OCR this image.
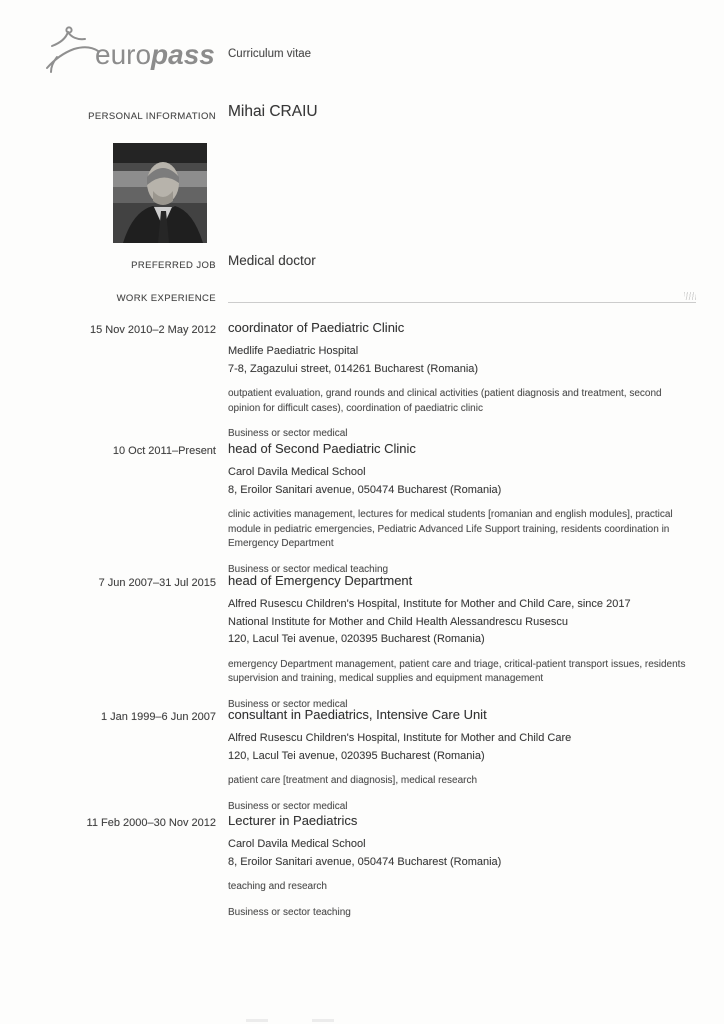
europass Curriculum vitae
PERSONAL INFORMATION Mihai CRAIU
PREFERRED JOB Medical doctor
WORK EXPERIENCE
15 Nov 2010–2 May 2012 coordinator of Paediatric Clinic
Medlife Paediatric Hospital
7-8, Zagazului street, 014261 Bucharest (Romania)
outpatient evaluation, grand rounds and clinical activities (patient diagnosis and treatment, second opinion for difficult cases), coordination of paediatric clinic
Business or sector medical
10 Oct 2011–Present head of Second Paediatric Clinic
Carol Davila Medical School
8, Eroilor Sanitari avenue, 050474 Bucharest (Romania)
clinic activities management, lectures for medical students [romanian and english modules], practical module in pediatric emergencies, Pediatric Advanced Life Support training, residents coordination in Emergency Department
Business or sector medical teaching
7 Jun 2007–31 Jul 2015 head of Emergency Department
Alfred Rusescu Children's Hospital, Institute for Mother and Child Care, since 2017
National Institute for Mother and Child Health Alessandrescu Rusescu
120, Lacul Tei avenue, 020395 Bucharest (Romania)
emergency Department management, patient care and triage, critical-patient transport issues, residents supervision and training, medical supplies and equipment management
Business or sector medical
1 Jan 1999–6 Jun 2007 consultant in Paediatrics, Intensive Care Unit
Alfred Rusescu Children's Hospital, Institute for Mother and Child Care
120, Lacul Tei avenue, 020395 Bucharest (Romania)
patient care [treatment and diagnosis], medical research
Business or sector medical
11 Feb 2000–30 Nov 2012 Lecturer in Paediatrics
Carol Davila Medical School
8, Eroilor Sanitari avenue, 050474 Bucharest (Romania)
teaching and research
Business or sector teaching
